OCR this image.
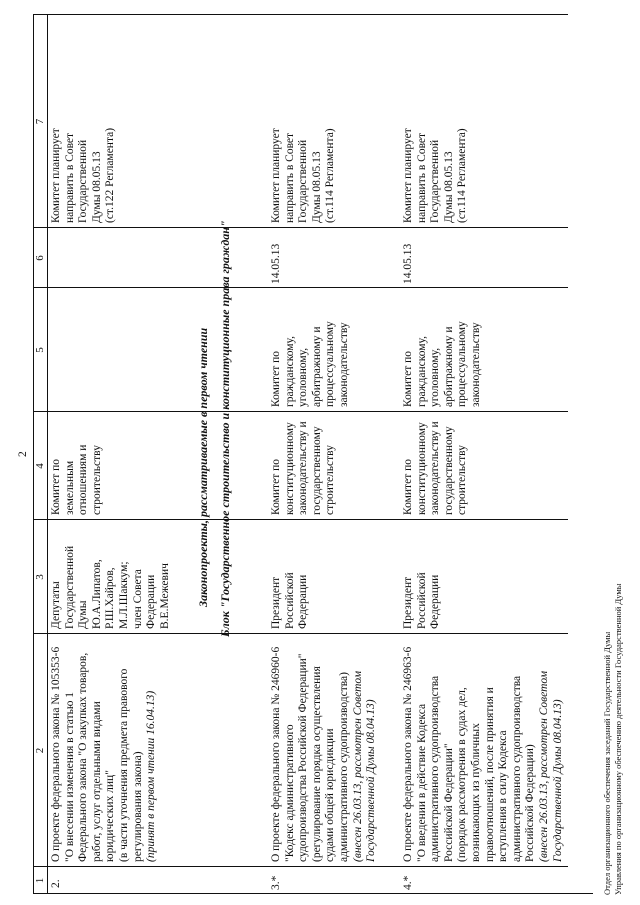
2
1
2
3
4
5
6
7
2.
О проекте федерального закона № 105353-6 "О внесении изменения в статью 1 Федерального закона "О закупках товаров, работ, услуг отдельными видами юридических лиц" (в части уточнения предмета правового регулирования закона) (принят в первом чтении 16.04.13)
Депутаты Государственной Думы Ю.А.Липатов, Р.Ш.Хайров, М.Л.Шаккум; член Совета Федерации В.Е.Межевич
Комитет по земельным отношениям и строительству
Комитет планирует направить в Совет Государственной Думы 08.05.13 (ст.122 Регламента)
Законопроекты, рассматриваемые в первом чтении Блок "Государственное строительство и конституционные права граждан"
3.*
О проекте федерального закона № 246960-6 "Кодекс административного судопроизводства Российской Федерации" (регулирование порядка осуществления судами общей юрисдикции административного судопроизводства) (внесен 26.03.13, рассмотрен Советом Государственной Думы 08.04.13)
Президент Российской Федерации
Комитет по конституционному законодательству и государственному строительству
Комитет по гражданскому, уголовному, арбитражному и процессуальному законодательству
14.05.13
Комитет планирует направить в Совет Государственной Думы 08.05.13 (ст.114 Регламента)
4.*
О проекте федерального закона № 246963-6 "О введении в действие Кодекса административного судопроизводства Российской Федерации" (порядок рассмотрения в судах дел, возникающих из публичных правоотношений, после принятия и вступления в силу Кодекса административного судопроизводства Российской Федерации) (внесен 26.03.13, рассмотрен Советом Государственной Думы 08.04.13)
Президент Российской Федерации
Комитет по конституционному законодательству и государственному строительству
Комитет по гражданскому, уголовному, арбитражному и процессуальному законодательству
14.05.13
Комитет планирует направить в Совет Государственной Думы 08.05.13 (ст.114 Регламента)
Отдел организационного обеспечения заседаний Государственной Думы Управления по организационному обеспечению деятельности Государственной Думы
